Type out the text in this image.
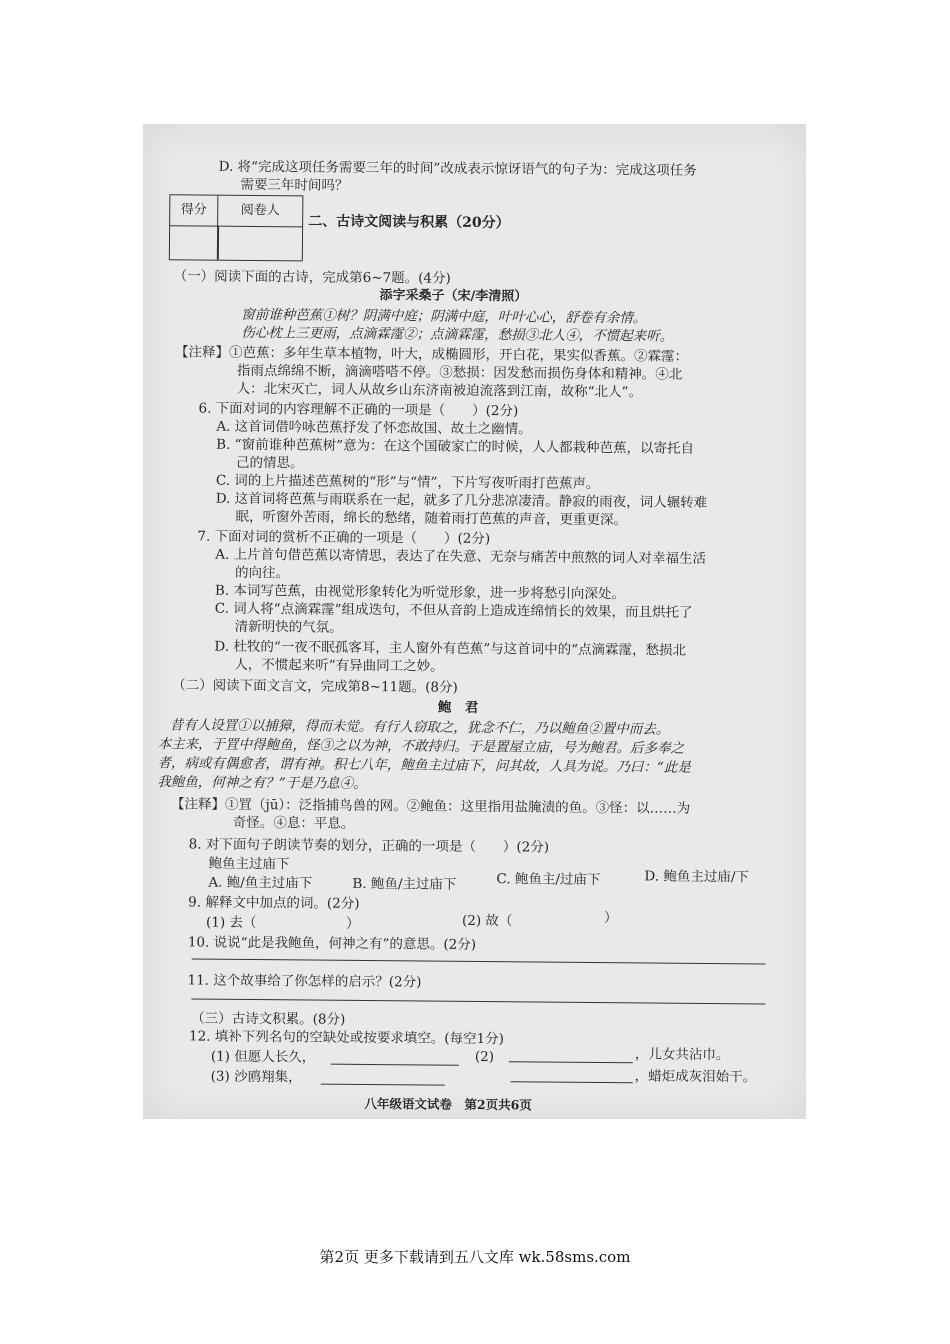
D. 将“完成这项任务需要三年的时间”改成表示惊讶语气的句子为：完成这项任务
需要三年时间吗？
得分	阅卷人
二、古诗文阅读与积累（20分）
（一）阅读下面的古诗，完成第6~7题。(4分)
添字采桑子（宋/李清照）
窗前谁种芭蕉①树？阴满中庭；阴满中庭，叶叶心心，舒卷有余情。
伤心枕上三更雨，点滴霖霪②；点滴霖霪，愁损③北人④，不惯起来听。
【注释】①芭蕉：多年生草本植物，叶大，成椭圆形，开白花，果实似香蕉。②霖霪：
指雨点绵绵不断，滴滴嗒嗒不停。③愁损：因发愁而损伤身体和精神。④北
人：北宋灭亡，词人从故乡山东济南被迫流落到江南，故称“北人”。
6. 下面对词的内容理解不正确的一项是（　　）(2分)
A. 这首词借吟咏芭蕉抒发了怀恋故国、故土之幽情。
B. “窗前谁种芭蕉树”意为：在这个国破家亡的时候，人人都栽种芭蕉，以寄托自
己的情思。
C. 词的上片描述芭蕉树的“形”与“情”，下片写夜听雨打芭蕉声。
D. 这首词将芭蕉与雨联系在一起，就多了几分悲凉凄清。静寂的雨夜，词人辗转难
眠，听窗外苦雨，绵长的愁绪，随着雨打芭蕉的声音，更重更深。
7. 下面对词的赏析不正确的一项是（　　）(2分)
A. 上片首句借芭蕉以寄情思，表达了在失意、无奈与痛苦中煎熬的词人对幸福生活
的向往。
B. 本词写芭蕉，由视觉形象转化为听觉形象，进一步将愁引向深处。
C. 词人将“点滴霖霪”组成迭句，不但从音韵上造成连绵悄长的效果，而且烘托了
清新明快的气氛。
D. 杜牧的“一夜不眠孤客耳，主人窗外有芭蕉”与这首词中的“点滴霖霪，愁损北
人，不惯起来听”有异曲同工之妙。
（二）阅读下面文言文，完成第8~11题。(8分)
鲍　君
昔有人设罝①以捕獐，得而未觉。有行人窃取之，犹念不仁，乃以鲍鱼②置中而去。
本主来，于罝中得鲍鱼，怪③之以为神，不敢持归。于是置屋立庙，号为鲍君。后多奉之
者，病或有偶愈者，谓有神。积七八年，鲍鱼主过庙下，问其故，人具为说。乃曰：“此是
我鲍鱼，何神之有？”于是乃息④。
【注释】①罝（jū）：泛指捕鸟兽的网。②鲍鱼：这里指用盐腌渍的鱼。③怪：以……为
奇怪。④息：平息。
8. 对下面句子朗读节奏的划分，正确的一项是（　　）(2分)
鲍鱼主过庙下
A. 鲍/鱼主过庙下	B. 鲍鱼/主过庙下	C. 鲍鱼主/过庙下	D. 鲍鱼主过庙/下
9. 解释文中加点的词。(2分)
(1) 去（	）	(2) 故（	）
10. 说说“此是我鲍鱼，何神之有”的意思。(2分)
11. 这个故事给了你怎样的启示？(2分)
（三）古诗文积累。(8分)
12. 填补下列名句的空缺处或按要求填空。(每空1分)
(1) 但愿人长久，	(2)	，儿女共沾巾。
(3) 沙鸥翔集，	，蜡炬成灰泪始干。
八年级语文试卷　第2页共6页
第2页 更多下载请到五八文库 wk.58sms.com
